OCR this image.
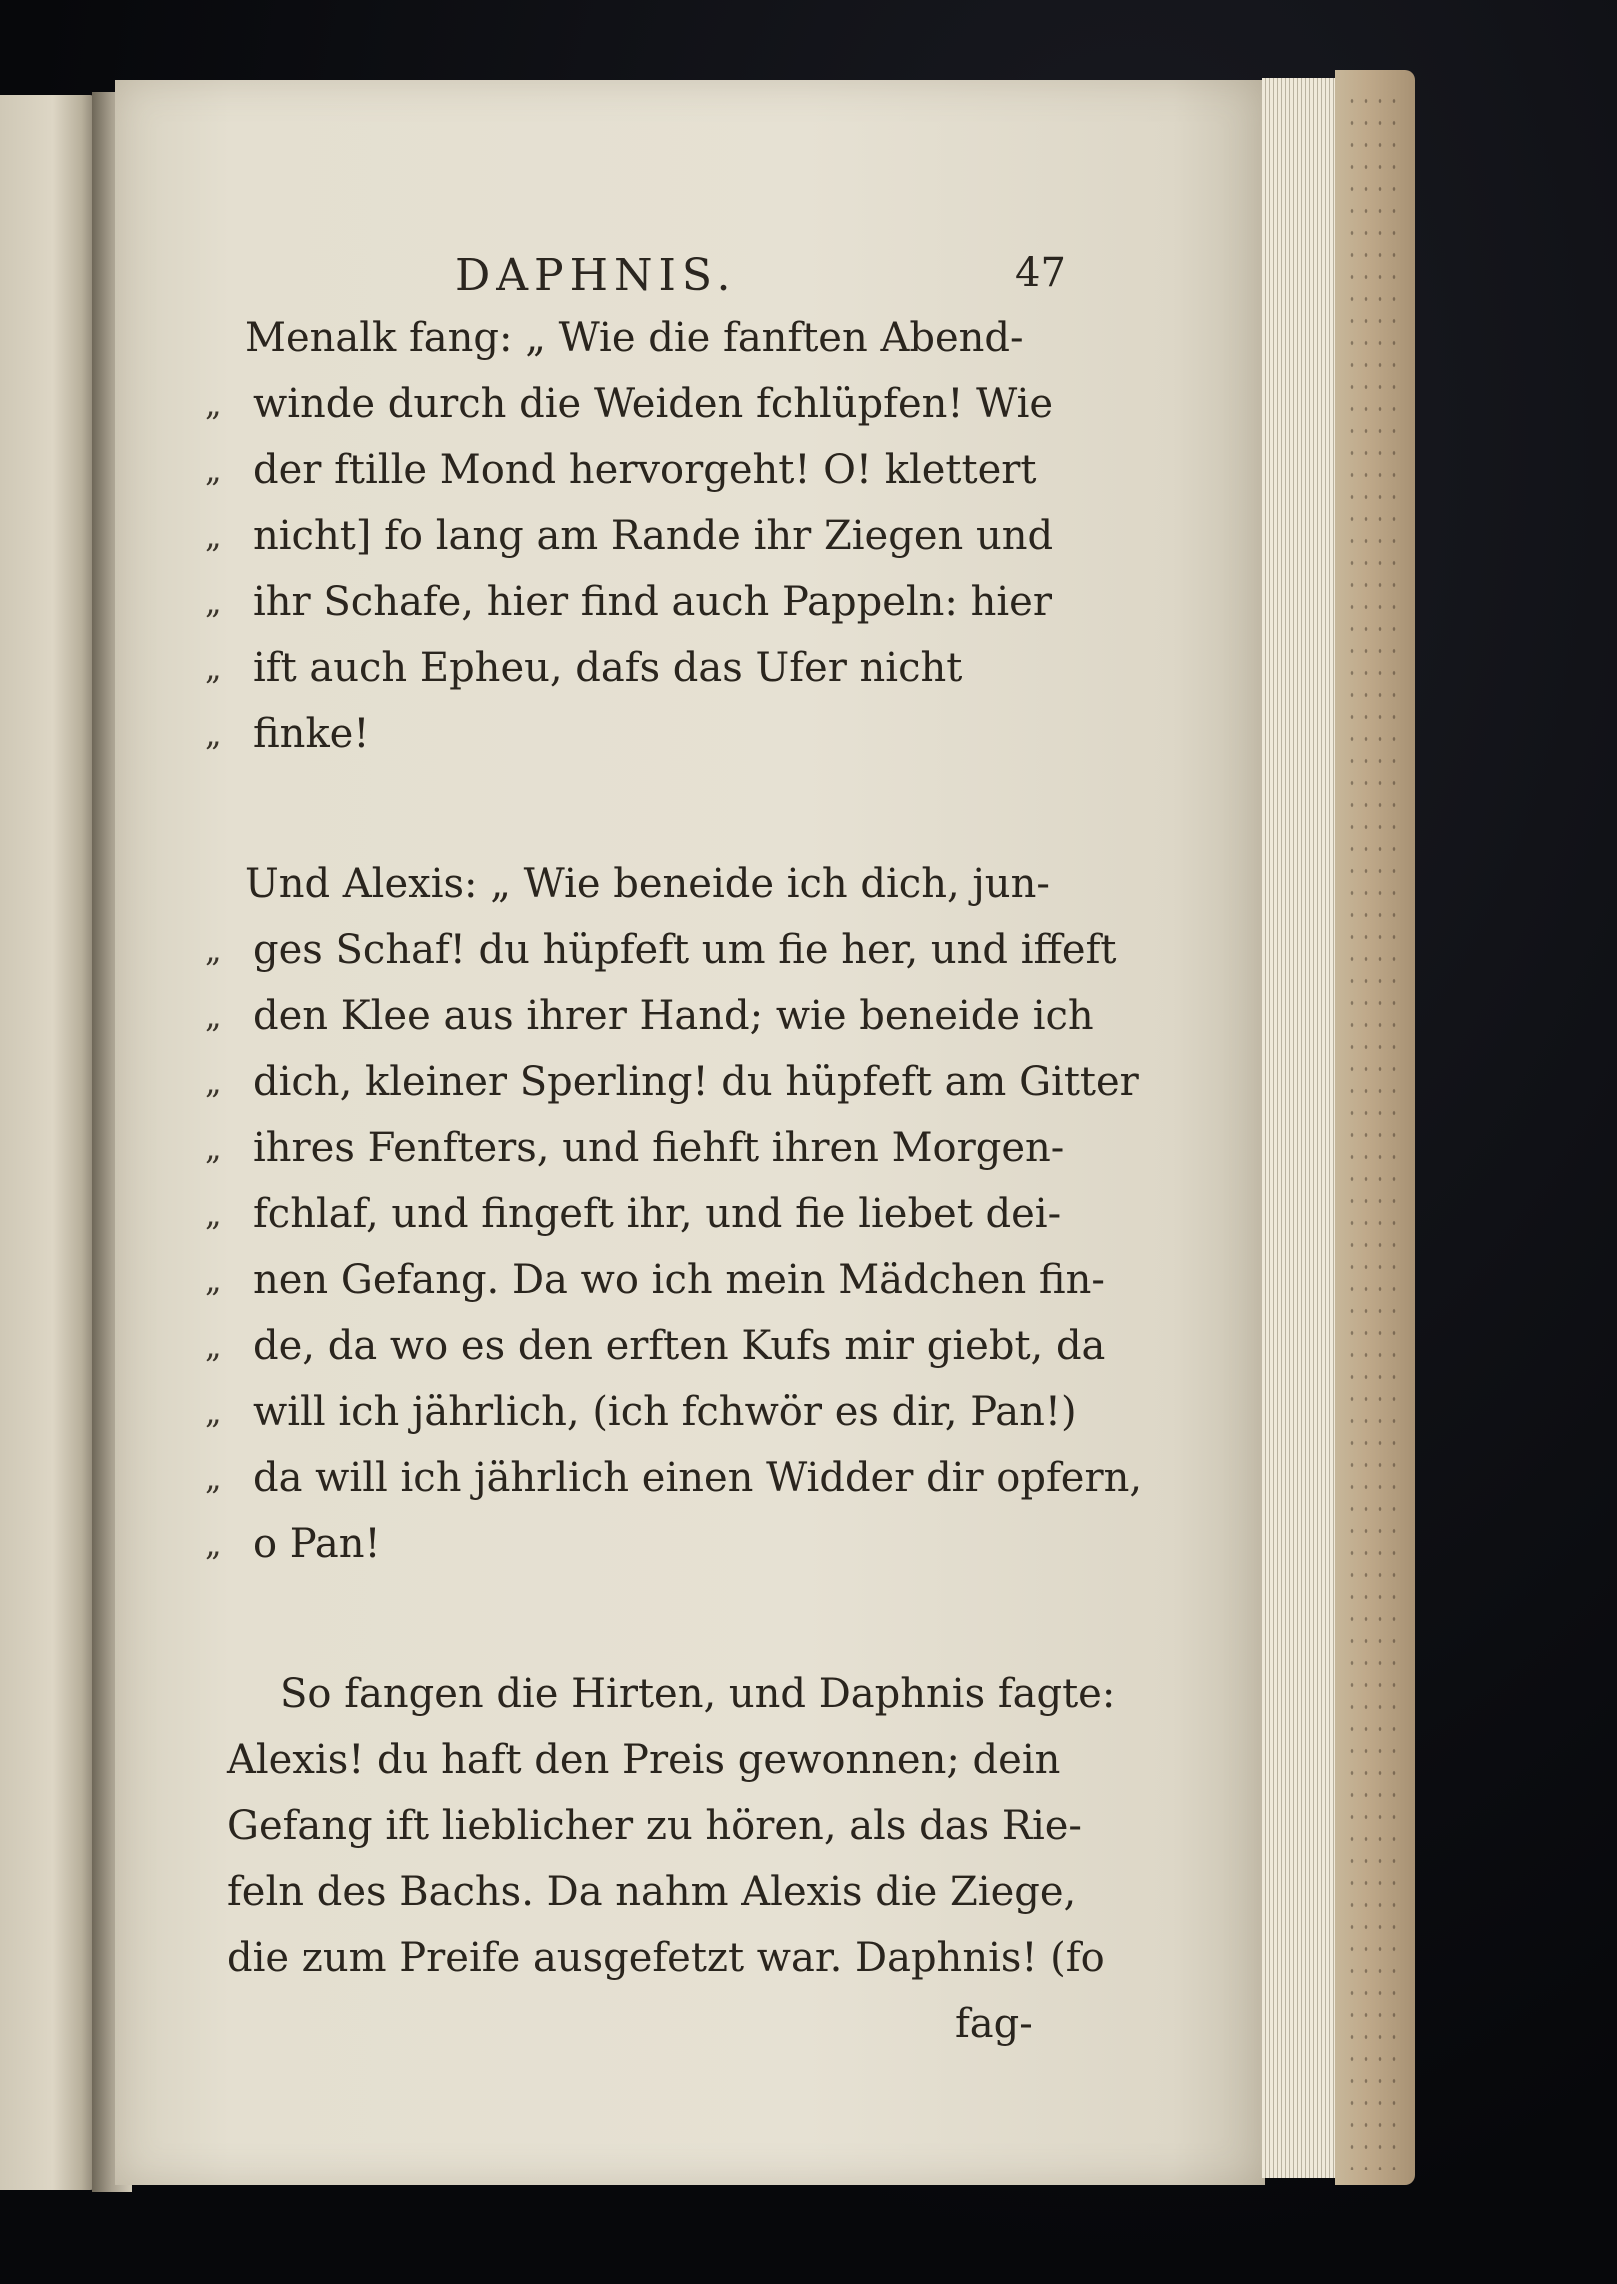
DAPHNIS.	47
Menalk fang: „ Wie die fanften Abend-
„ winde durch die Weiden fchlüpfen! Wie
„ der ftille Mond hervorgeht! O! klettert
„ nicht] fo lang am Rande ihr Ziegen und
„ ihr Schafe, hier find auch Pappeln: hier
„ ift auch Epheu, dafs das Ufer nicht
„ finke!
Und Alexis: „ Wie beneide ich dich, jun-
„ ges Schaf! du hüpfeft um fie her, und iffeft
„ den Klee aus ihrer Hand; wie beneide ich
„ dich, kleiner Sperling! du hüpfeft am Gitter
„ ihres Fenfters, und fiehft ihren Morgen-
„ fchlaf, und fingeft ihr, und fie liebet dei-
„ nen Gefang. Da wo ich mein Mädchen fin-
„ de, da wo es den erften Kufs mir giebt, da
„ will ich jährlich, (ich fchwör es dir, Pan!)
„ da will ich jährlich einen Widder dir opfern,
„ o Pan!
So fangen die Hirten, und Daphnis fagte:
Alexis! du haft den Preis gewonnen; dein
Gefang ift lieblicher zu hören, als das Rie-
feln des Bachs. Da nahm Alexis die Ziege,
die zum Preife ausgefetzt war. Daphnis! (fo
fag-
